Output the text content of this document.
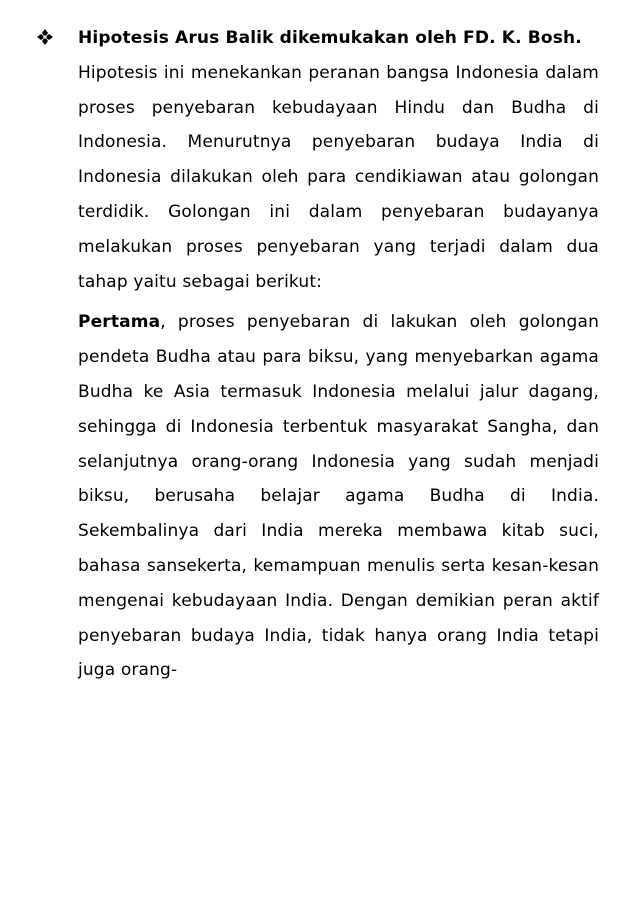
Hipotesis Arus Balik dikemukakan oleh FD. K. Bosh.

Hipotesis ini menekankan peranan bangsa Indonesia dalam proses penyebaran kebudayaan Hindu dan Budha di Indonesia. Menurutnya penyebaran budaya India di Indonesia dilakukan oleh para cendikiawan atau golongan terdidik. Golongan ini dalam penyebaran budayanya melakukan proses penyebaran yang terjadi dalam dua tahap yaitu sebagai berikut:

Pertama, proses penyebaran di lakukan oleh golongan pendeta Budha atau para biksu, yang menyebarkan agama Budha ke Asia termasuk Indonesia melalui jalur dagang, sehingga di Indonesia terbentuk masyarakat Sangha, dan selanjutnya orang-orang Indonesia yang sudah menjadi biksu, berusaha belajar agama Budha di India. Sekembalinya dari India mereka membawa kitab suci, bahasa sansekerta, kemampuan menulis serta kesan-kesan mengenai kebudayaan India. Dengan demikian peran aktif penyebaran budaya India, tidak hanya orang India tetapi juga orang-
